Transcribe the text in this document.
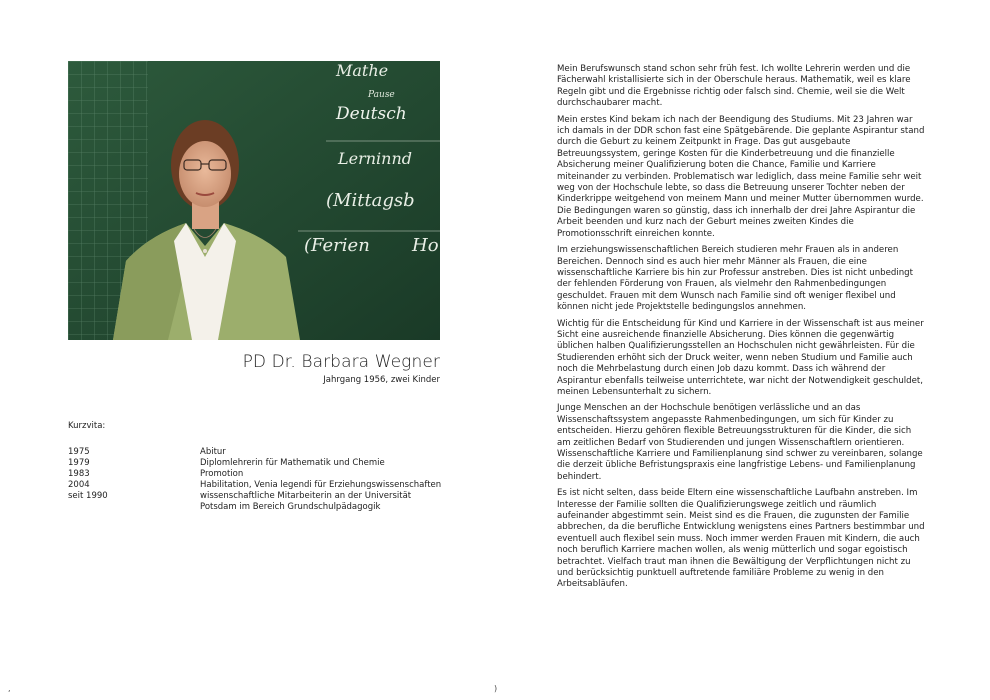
Mathe
Pause
Deutsch
Lerninnd
(Mittagsb
(Ferien Ho
PD Dr. Barbara Wegner
Jahrgang 1956, zwei Kinder
Kurzvita:
1975	Abitur
1979	Diplomlehrerin für Mathematik und Chemie
1983	Promotion
2004	Habilitation, Venia legendi für Erziehungswissenschaften
seit 1990	wissenschaftliche Mitarbeiterin an der Universität Potsdam im Bereich Grundschulpädagogik

Mein Berufswunsch stand schon sehr früh fest. Ich wollte Lehrerin werden und die Fächerwahl kristallisierte sich in der Oberschule heraus. Mathematik, weil es klare Regeln gibt und die Ergebnisse richtig oder falsch sind. Chemie, weil sie die Welt durchschaubarer macht.

Mein erstes Kind bekam ich nach der Beendigung des Studiums. Mit 23 Jahren war ich damals in der DDR schon fast eine Spätgebärende. Die geplante Aspirantur stand durch die Geburt zu keinem Zeitpunkt in Frage. Das gut ausgebaute Betreuungssystem, geringe Kosten für die Kinderbetreuung und die finanzielle Absicherung meiner Qualifizierung boten die Chance, Familie und Karriere miteinander zu verbinden. Problematisch war lediglich, dass meine Familie sehr weit weg von der Hochschule lebte, so dass die Betreuung unserer Tochter neben der Kinderkrippe weitgehend von meinem Mann und meiner Mutter übernommen wurde. Die Bedingungen waren so günstig, dass ich innerhalb der drei Jahre Aspirantur die Arbeit beenden und kurz nach der Geburt meines zweiten Kindes die Promotionsschrift einreichen konnte.

Im erziehungswissenschaftlichen Bereich studieren mehr Frauen als in anderen Bereichen. Dennoch sind es auch hier mehr Männer als Frauen, die eine wissenschaftliche Karriere bis hin zur Professur anstreben. Dies ist nicht unbedingt der fehlenden Förderung von Frauen, als vielmehr den Rahmenbedingungen geschuldet. Frauen mit dem Wunsch nach Familie sind oft weniger flexibel und können nicht jede Projektstelle bedingungslos annehmen.

Wichtig für die Entscheidung für Kind und Karriere in der Wissenschaft ist aus meiner Sicht eine ausreichende finanzielle Absicherung. Dies können die gegenwärtig üblichen halben Qualifizierungsstellen an Hochschulen nicht gewährleisten. Für die Studierenden erhöht sich der Druck weiter, wenn neben Studium und Familie auch noch die Mehrbelastung durch einen Job dazu kommt. Dass ich während der Aspirantur ebenfalls teilweise unterrichtete, war nicht der Notwendigkeit geschuldet, meinen Lebensunterhalt zu sichern.

Junge Menschen an der Hochschule benötigen verlässliche und an das Wissenschaftssystem angepasste Rahmenbedingungen, um sich für Kinder zu entscheiden. Hierzu gehören flexible Betreuungsstrukturen für die Kinder, die sich am zeitlichen Bedarf von Studierenden und jungen Wissenschaftlern orientieren. Wissenschaftliche Karriere und Familienplanung sind schwer zu vereinbaren, solange die derzeit übliche Befristungspraxis eine langfristige Lebens- und Familienplanung behindert.

Es ist nicht selten, dass beide Eltern eine wissenschaftliche Laufbahn anstreben. Im Interesse der Familie sollten die Qualifizierungswege zeitlich und räumlich aufeinander abgestimmt sein. Meist sind es die Frauen, die zugunsten der Familie abbrechen, da die berufliche Entwicklung wenigstens eines Partners bestimmbar und eventuell auch flexibel sein muss. Noch immer werden Frauen mit Kindern, die auch noch beruflich Karriere machen wollen, als wenig mütterlich und sogar egoistisch betrachtet. Vielfach traut man ihnen die Bewältigung der Verpflichtungen nicht zu und berücksichtig punktuell auftretende familiäre Probleme zu wenig in den Arbeitsabläufen.

,	)
